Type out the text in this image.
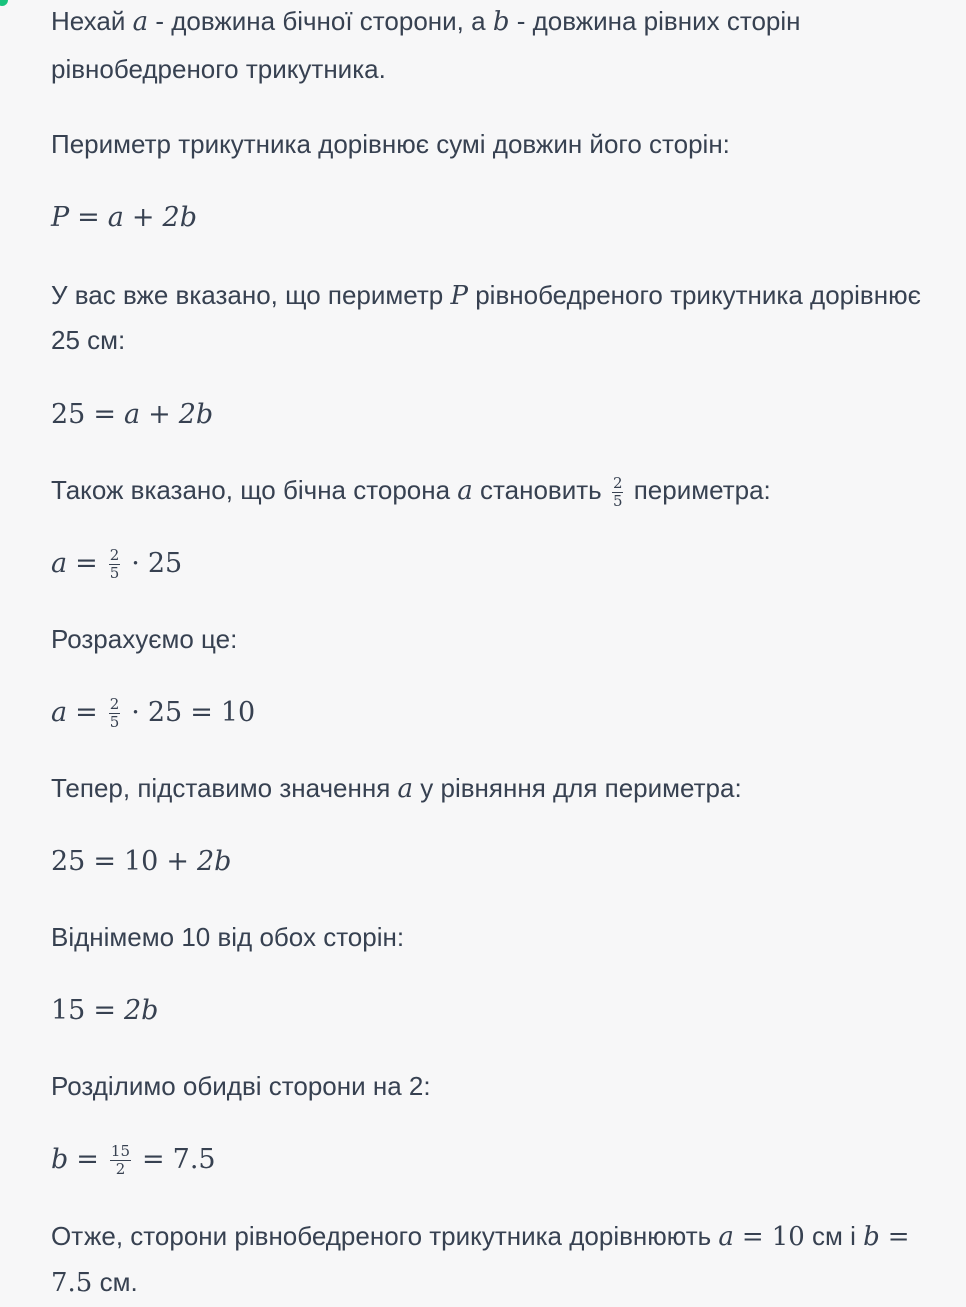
Нехай a - довжина бічної сторони, а b - довжина рівних сторін

рівнобедреного трикутника.

Периметр трикутника дорівнює сумі довжин його сторін:

P = a + 2b

У вас вже вказано, що периметр P рівнобедреного трикутника дорівнює

25 см:

25 = a + 2b

Також вказано, що бічна сторона a становить $\frac{2}{5}$ периметра:

$a = \frac{2}{5} \cdot 25$

Розрахуємо це:

$a = \frac{2}{5} \cdot 25 = 10$

Тепер, підставимо значення a у рівняння для периметра:

25 = 10 + 2b

Віднімемо 10 від обох сторін:

15 = 2b

Розділимо обидві сторони на 2:

$b = \frac{15}{2} = 7.5$

Отже, сторони рівнобедреного трикутника дорівнюють a = 10 см і b =

7.5 см.
